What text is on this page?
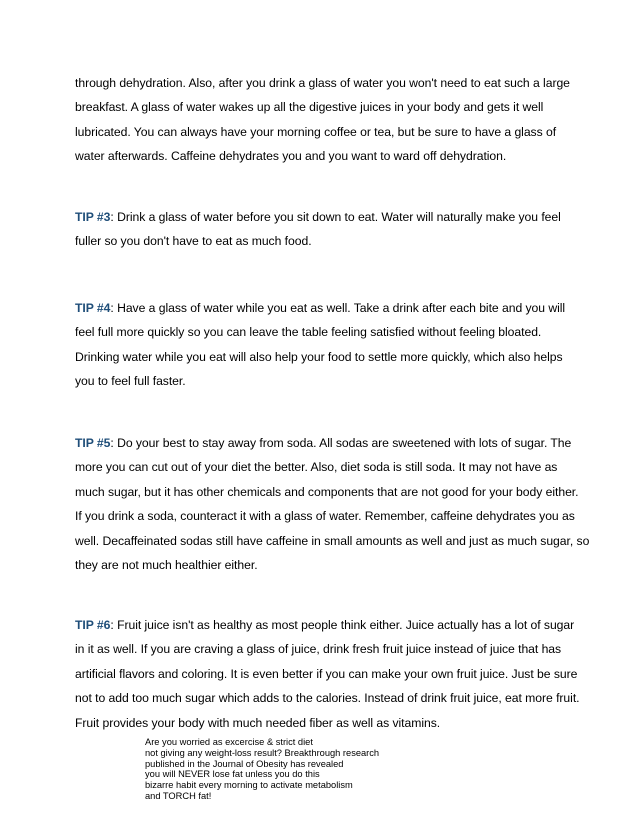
through dehydration. Also, after you drink a glass of water you won't need to eat such a large
breakfast. A glass of water wakes up all the digestive juices in your body and gets it well
lubricated. You can always have your morning coffee or tea, but be sure to have a glass of
water afterwards. Caffeine dehydrates you and you want to ward off dehydration.

TIP #3: Drink a glass of water before you sit down to eat. Water will naturally make you feel
fuller so you don't have to eat as much food.

TIP #4: Have a glass of water while you eat as well. Take a drink after each bite and you will
feel full more quickly so you can leave the table feeling satisfied without feeling bloated.
Drinking water while you eat will also help your food to settle more quickly, which also helps
you to feel full faster.

TIP #5: Do your best to stay away from soda. All sodas are sweetened with lots of sugar. The
more you can cut out of your diet the better. Also, diet soda is still soda. It may not have as
much sugar, but it has other chemicals and components that are not good for your body either.
If you drink a soda, counteract it with a glass of water. Remember, caffeine dehydrates you as
well. Decaffeinated sodas still have caffeine in small amounts as well and just as much sugar, so
they are not much healthier either.

TIP #6: Fruit juice isn't as healthy as most people think either. Juice actually has a lot of sugar
in it as well. If you are craving a glass of juice, drink fresh fruit juice instead of juice that has
artificial flavors and coloring. It is even better if you can make your own fruit juice. Just be sure
not to add too much sugar which adds to the calories. Instead of drink fruit juice, eat more fruit.
Fruit provides your body with much needed fiber as well as vitamins.

Are you worried as excercise & strict diet
not giving any weight-loss result? Breakthrough research
published in the Journal of Obesity has revealed
you will NEVER lose fat unless you do this
bizarre habit every morning to activate metabolism
and TORCH fat!
